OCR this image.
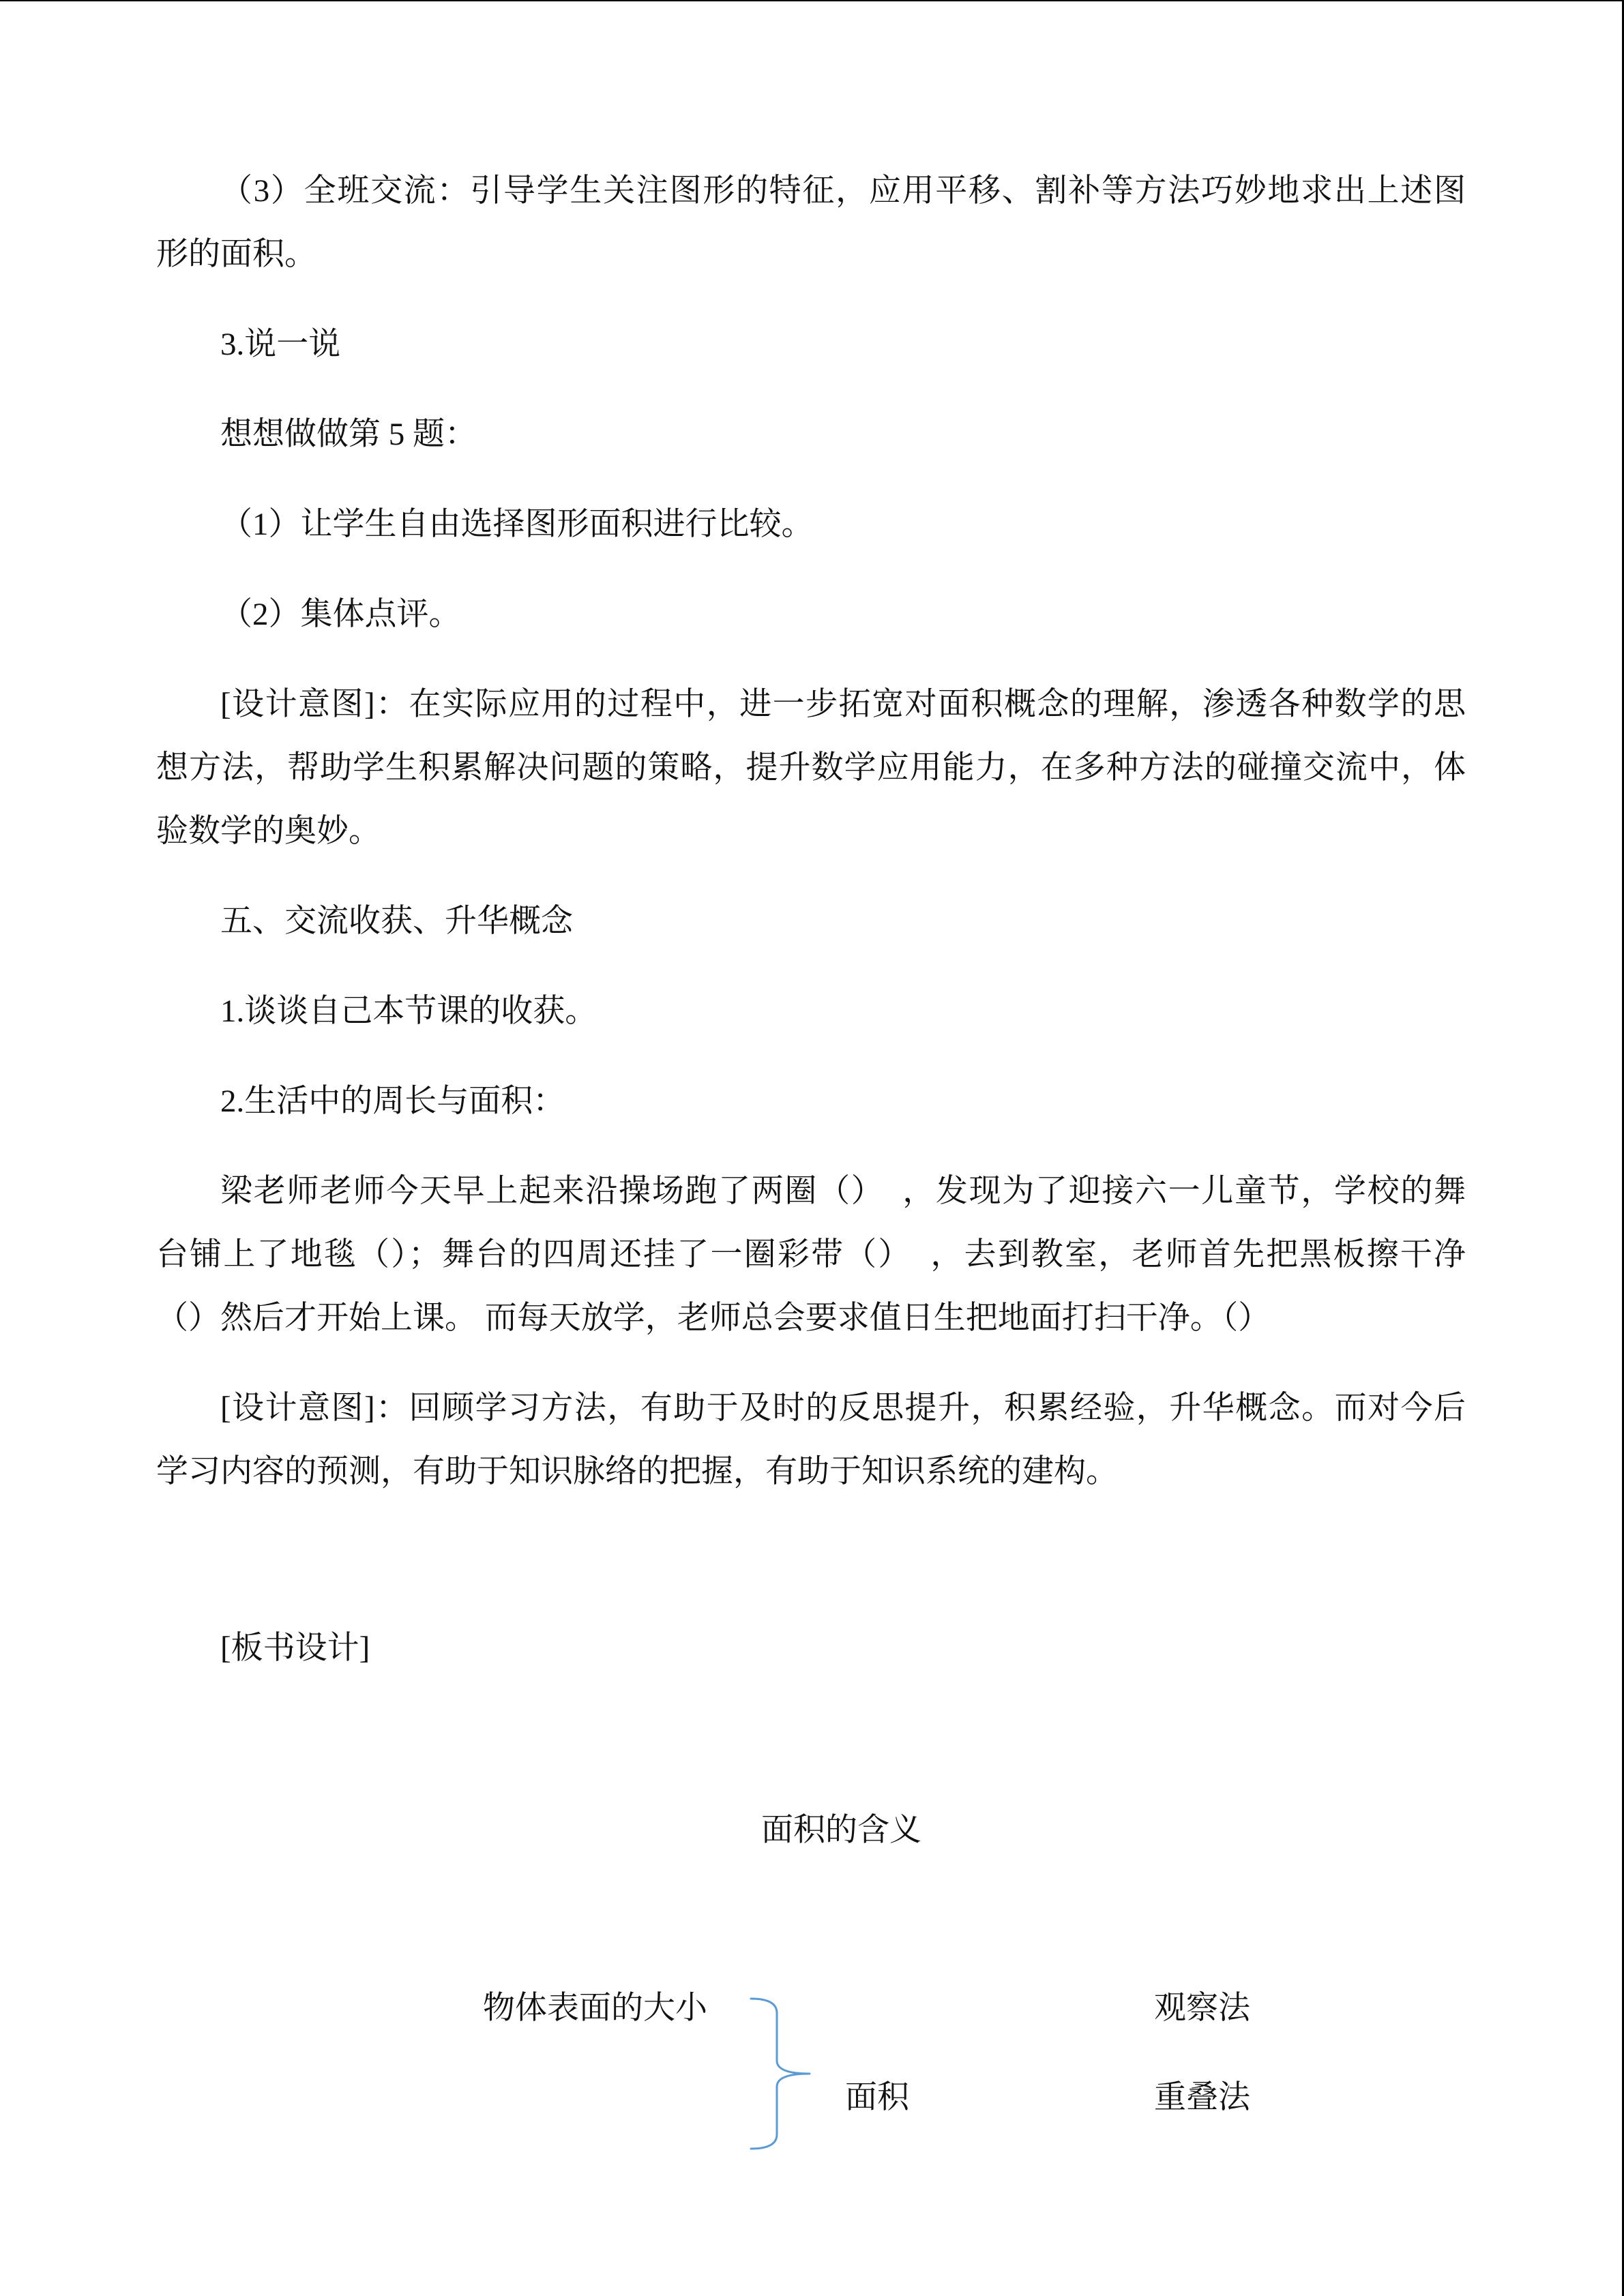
（3）全班交流：引导学生关注图形的特征，应用平移、割补等方法巧妙地求出上述图
形的面积。
3.说一说
想想做做第 5 题：
（1）让学生自由选择图形面积进行比较。
（2）集体点评。
[设计意图]：在实际应用的过程中，进一步拓宽对面积概念的理解，渗透各种数学的思
想方法，帮助学生积累解决问题的策略，提升数学应用能力，在多种方法的碰撞交流中，体
验数学的奥妙。
五、交流收获、升华概念
1.谈谈自己本节课的收获。
2.生活中的周长与面积：
梁老师老师今天早上起来沿操场跑了两圈（）  ，发现为了迎接六一儿童节，学校的舞
台铺上了地毯（）；舞台的四周还挂了一圈彩带（）  ，去到教室，老师首先把黑板擦干净
（）然后才开始上课。 而每天放学，老师总会要求值日生把地面打扫干净。（）
[设计意图]：回顾学习方法，有助于及时的反思提升，积累经验，升华概念。而对今后
学习内容的预测，有助于知识脉络的把握，有助于知识系统的建构。
[板书设计]
面积的含义
物体表面的大小	观察法
面积	重叠法
